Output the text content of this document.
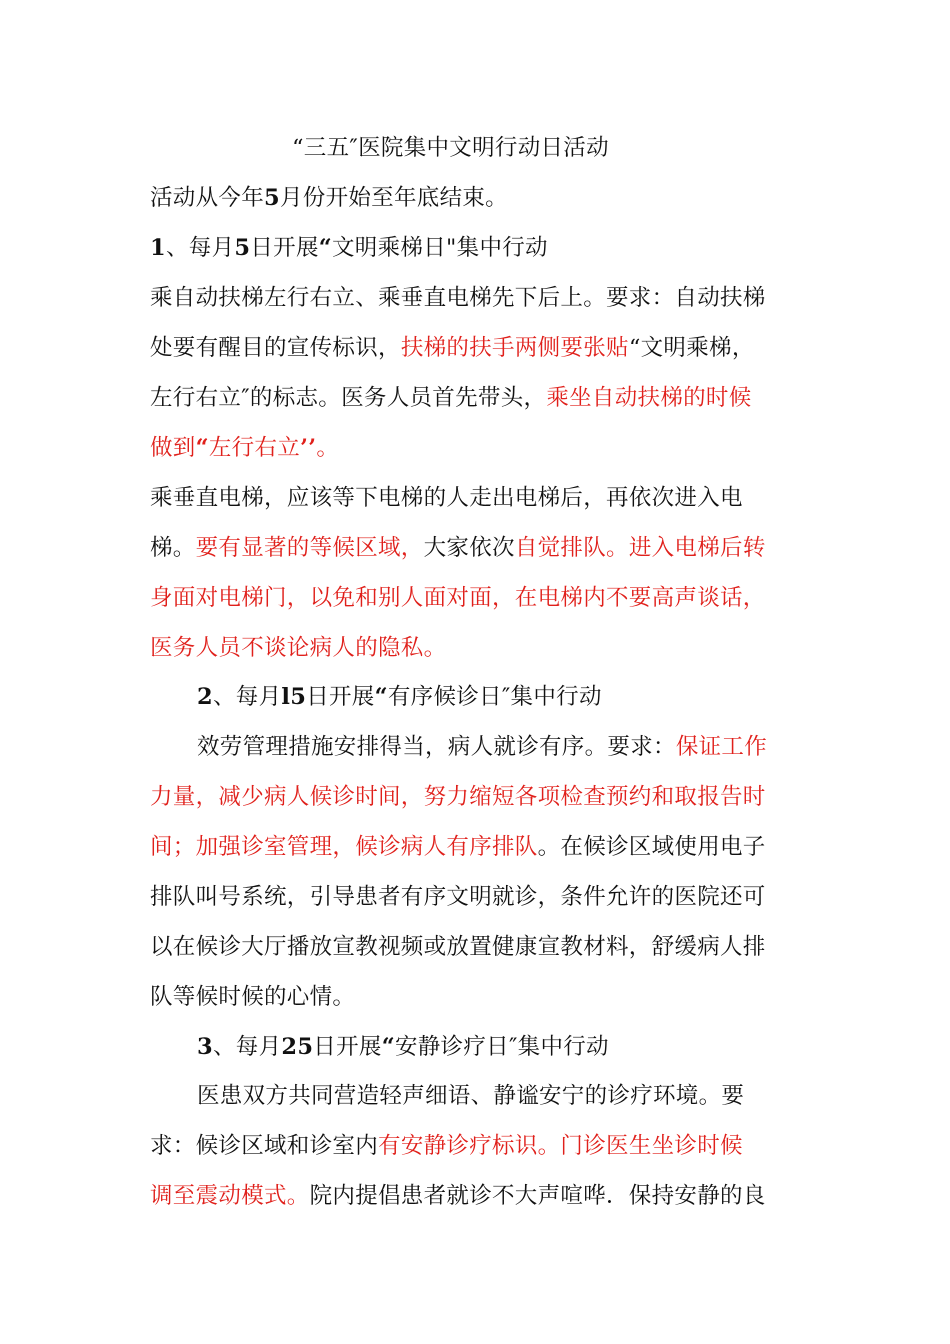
“三五″医院集中文明行动日活动
活动从今年5月份开始至年底结束。
1、每月5日开展“文明乘梯日"集中行动
乘自动扶梯左行右立、乘垂直电梯先下后上。要求：自动扶梯
处要有醒目的宣传标识，扶梯的扶手两侧要张贴“文明乘梯，
左行右立″的标志。医务人员首先带头，乘坐自动扶梯的时候
做到“左行右立’’。
乘垂直电梯，应该等下电梯的人走出电梯后，再依次进入电
梯。要有显著的等候区域，大家依次自觉排队。进入电梯后转
身面对电梯门，以免和别人面对面，在电梯内不要高声谈话，
医务人员不谈论病人的隐私。
2、每月l5日开展“有序候诊日″集中行动
效劳管理措施安排得当，病人就诊有序。要求：保证工作
力量，减少病人候诊时间，努力缩短各项检查预约和取报告时
间；加强诊室管理，候诊病人有序排队。在候诊区域使用电子
排队叫号系统，引导患者有序文明就诊，条件允许的医院还可
以在候诊大厅播放宣教视频或放置健康宣教材料，舒缓病人排
队等候时候的心情。
3、每月25日开展“安静诊疗日″集中行动
医患双方共同营造轻声细语、静谧安宁的诊疗环境。要
求：候诊区域和诊室内有安静诊疗标识。门诊医生坐诊时候
调至震动模式。院内提倡患者就诊不大声喧哗．保持安静的良
